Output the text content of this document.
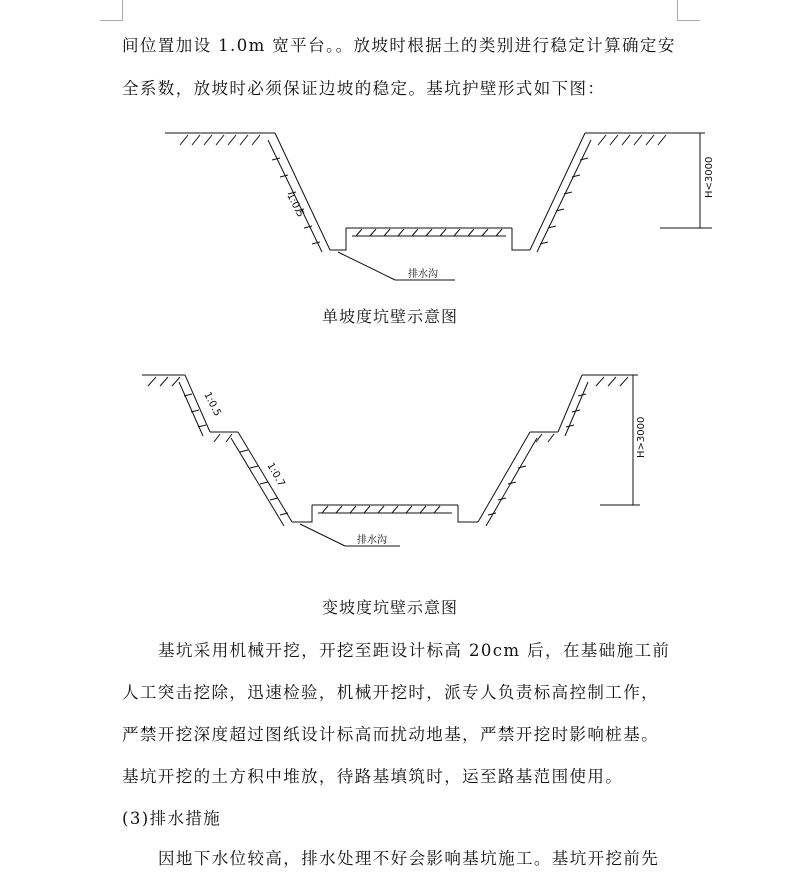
间位置加设 1.0m 宽平台。。放坡时根据土的类别进行稳定计算确定安
全系数，放坡时必须保证边坡的稳定。基坑护壁形式如下图：
1:0.5
H<3000
排水沟
单坡度坑壁示意图
1:0.5
1:0.7
H>3000
排水沟
变坡度坑壁示意图
基坑采用机械开挖，开挖至距设计标高 20cm 后，在基础施工前
人工突击挖除，迅速检验，机械开挖时，派专人负责标高控制工作，
严禁开挖深度超过图纸设计标高而扰动地基，严禁开挖时影响桩基。
基坑开挖的土方积中堆放，待路基填筑时，运至路基范围使用。
(3)排水措施
因地下水位较高，排水处理不好会影响基坑施工。基坑开挖前先
